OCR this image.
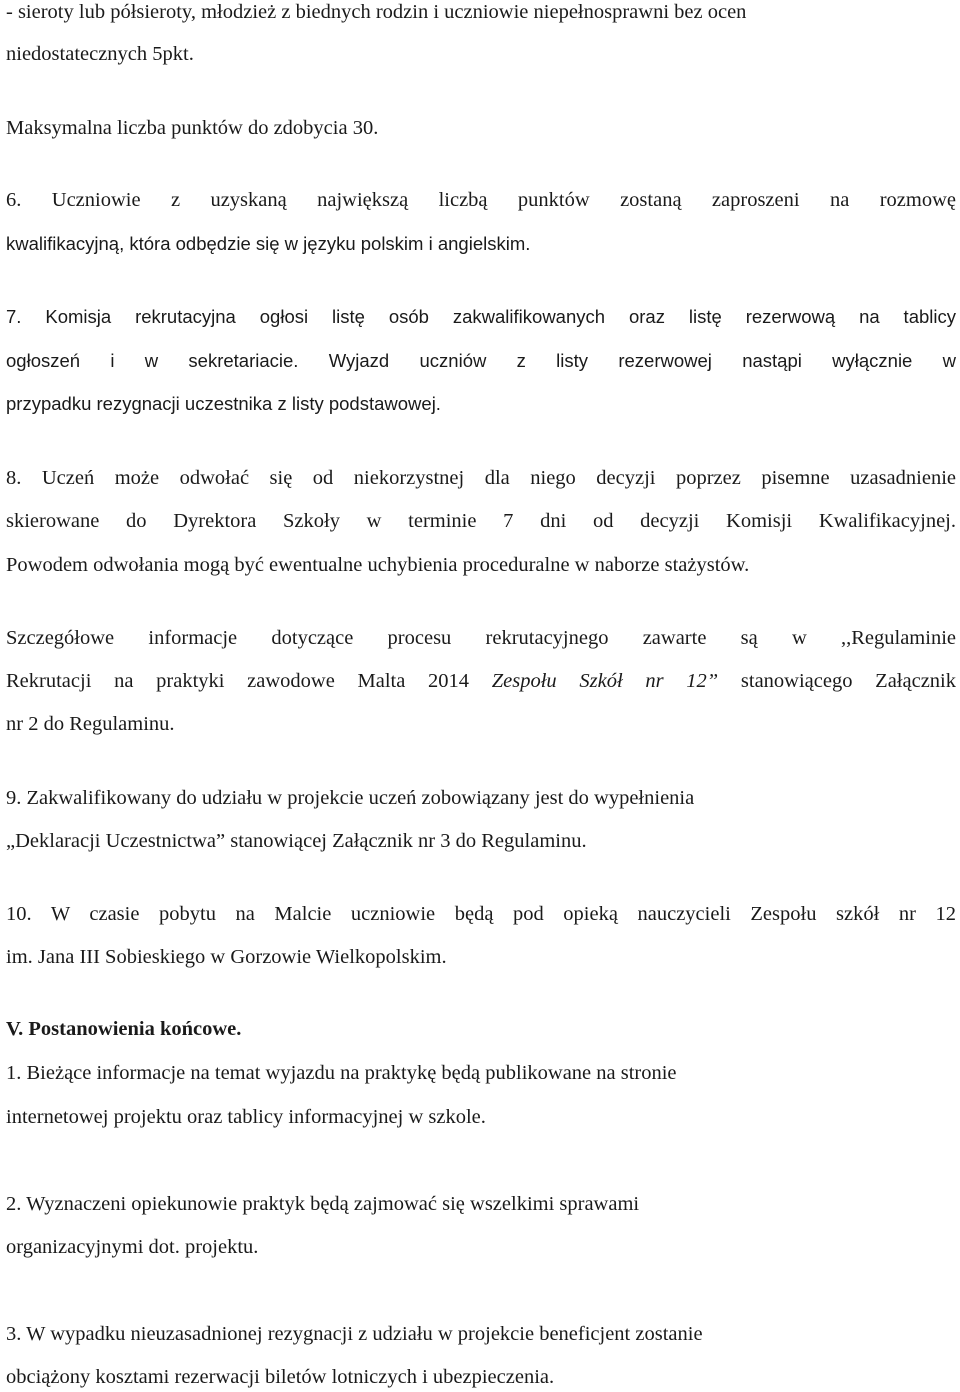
- sieroty lub półsieroty, młodzież z biednych rodzin i uczniowie niepełnosprawni bez ocen
niedostatecznych 5pkt.
Maksymalna liczba punktów do zdobycia 30.
6. Uczniowie z uzyskaną największą liczbą punktów zostaną zaproszeni na rozmowę
kwalifikacyjną, która odbędzie się w języku polskim i angielskim.
7. Komisja rekrutacyjna ogłosi listę osób zakwalifikowanych oraz listę rezerwową na tablicy
ogłoszeń i w sekretariacie. Wyjazd uczniów z listy rezerwowej nastąpi wyłącznie w
przypadku rezygnacji uczestnika z listy podstawowej.
8. Uczeń może odwołać się od niekorzystnej dla niego decyzji poprzez pisemne uzasadnienie
skierowane do Dyrektora Szkoły w terminie 7 dni od decyzji Komisji Kwalifikacyjnej.
Powodem odwołania mogą być ewentualne uchybienia proceduralne w naborze stażystów.
Szczegółowe informacje dotyczące procesu rekrutacyjnego zawarte są w ,,Regulaminie
Rekrutacji na praktyki zawodowe Malta 2014 Zespołu Szkół nr 12” stanowiącego Załącznik
nr 2 do Regulaminu.
9. Zakwalifikowany do udziału w projekcie uczeń zobowiązany jest do wypełnienia
„Deklaracji Uczestnictwa” stanowiącej Załącznik nr 3 do Regulaminu.
10. W czasie pobytu na Malcie uczniowie będą pod opieką nauczycieli Zespołu szkół nr 12
im. Jana III Sobieskiego w Gorzowie Wielkopolskim.
V. Postanowienia końcowe.
1. Bieżące informacje na temat wyjazdu na praktykę będą publikowane na stronie
internetowej projektu oraz tablicy informacyjnej w szkole.
2. Wyznaczeni opiekunowie praktyk będą zajmować się wszelkimi sprawami
organizacyjnymi dot. projektu.
3. W wypadku nieuzasadnionej rezygnacji z udziału w projekcie beneficjent zostanie
obciążony kosztami rezerwacji biletów lotniczych i ubezpieczenia.
